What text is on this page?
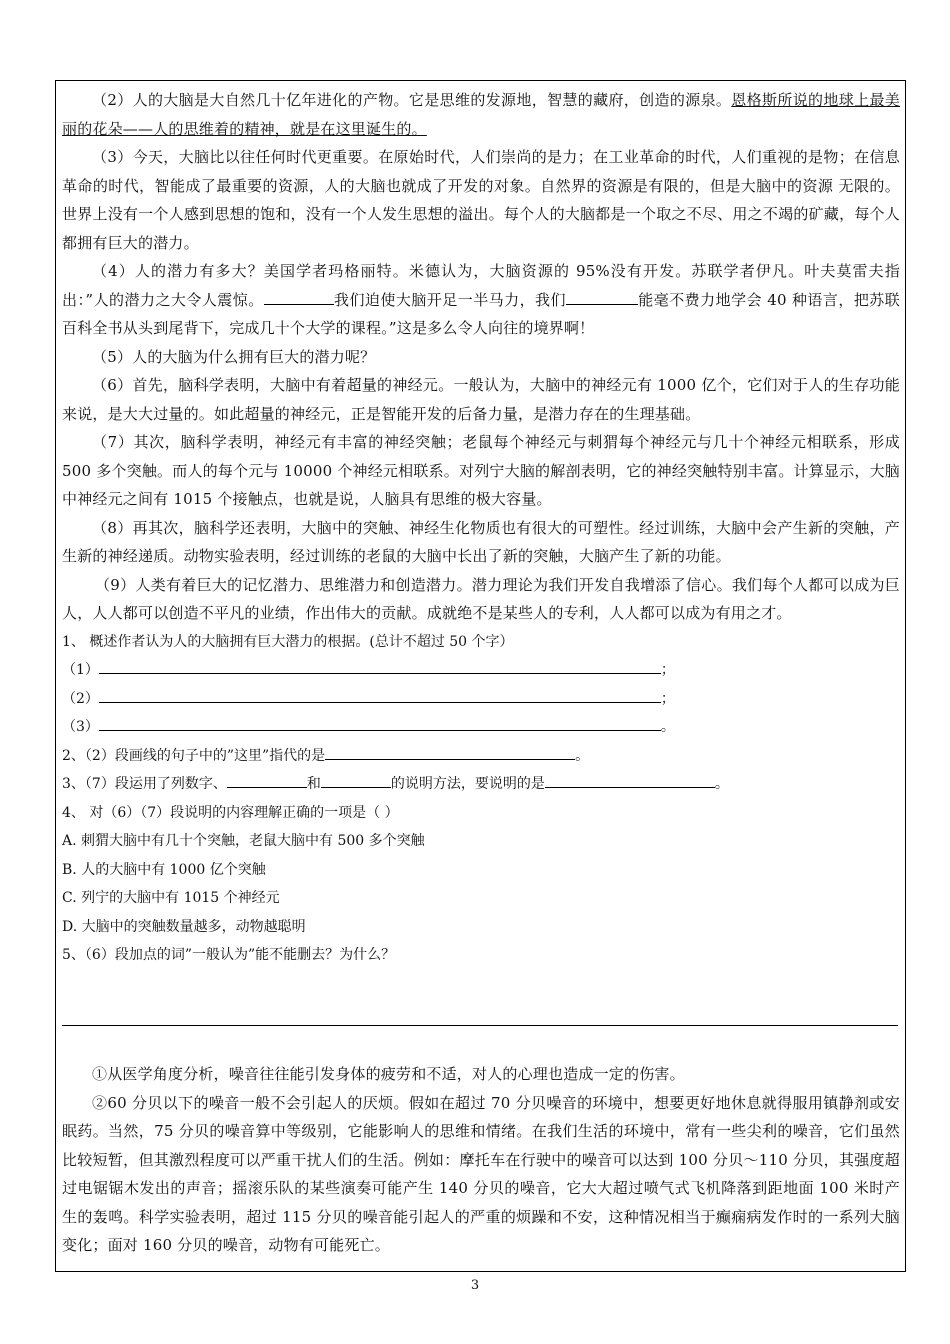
（2）人的大脑是大自然几十亿年进化的产物。它是思维的发源地，智慧的藏府，创造的源泉。恩格斯所说的地球上最美丽的花朵——人的思维着的精神，就是在这里诞生的。

（3）今天，大脑比以往任何时代更重要。在原始时代，人们崇尚的是力；在工业革命的时代，人们重视的是物；在信息革命的时代，智能成了最重要的资源，人的大脑也就成了开发的对象。自然界的资源是有限的，但是大脑中的资源 无限的。世界上没有一个人感到思想的饱和，没有一个人发生思想的溢出。每个人的大脑都是一个取之不尽、用之不竭的矿藏，每个人都拥有巨大的潜力。

（4）人的潜力有多大？美国学者玛格丽特。米德认为，大脑资源的 95%没有开发。苏联学者伊凡。叶夫莫雷夫指出：”人的潜力之大令人震惊。	我们迫使大脑开足一半马力，我们	能毫不费力地学会 40 种语言，把苏联百科全书从头到尾背下，完成几十个大学的课程。”这是多么令人向往的境界啊！

（5）人的大脑为什么拥有巨大的潜力呢？

（6）首先，脑科学表明，大脑中有着超量的神经元。一般认为，大脑中的神经元有 1000 亿个，它们对于人的生存功能来说，是大大过量的。如此超量的神经元，正是智能开发的后备力量，是潜力存在的生理基础。

（7）其次，脑科学表明，神经元有丰富的神经突触；老鼠每个神经元与刺猬每个神经元与几十个神经元相联系，形成 500 多个突触。而人的每个元与 10000 个神经元相联系。对列宁大脑的解剖表明，它的神经突触特别丰富。计算显示，大脑中神经元之间有 1015 个接触点，也就是说，人脑具有思维的极大容量。

（8）再其次，脑科学还表明，大脑中的突触、神经生化物质也有很大的可塑性。经过训练，大脑中会产生新的突触，产生新的神经递质。动物实验表明，经过训练的老鼠的大脑中长出了新的突触，大脑产生了新的功能。

（9）人类有着巨大的记忆潜力、思维潜力和创造潜力。潜力理论为我们开发自我增添了信心。我们每个人都可以成为巨人，人人都可以创造不平凡的业绩，作出伟大的贡献。成就绝不是某些人的专利，人人都可以成为有用之才。

1、 概述作者认为人的大脑拥有巨大潜力的根据。(总计不超过 50 个字）

（1）	；

（2）	；

（3）	。

2、（2）段画线的句子中的”这里”指代的是	。

3、（7）段运用了列数字、	和	的说明方法，要说明的是	。

4、 对（6）（7）段说明的内容理解正确的一项是（ ）

A. 刺猬大脑中有几十个突触，老鼠大脑中有 500 多个突触

B. 人的大脑中有 1000 亿个突触

C. 列宁的大脑中有 1015 个神经元

D. 大脑中的突触数量越多，动物越聪明

5、（6）段加点的词”一般认为”能不能删去？为什么？

①从医学角度分析，噪音往往能引发身体的疲劳和不适，对人的心理也造成一定的伤害。

②60 分贝以下的噪音一般不会引起人的厌烦。假如在超过 70 分贝噪音的环境中，想要更好地休息就得服用镇静剂或安眠药。当然，75 分贝的噪音算中等级别，它能影响人的思维和情绪。在我们生活的环境中，常有一些尖利的噪音，它们虽然比较短暂，但其激烈程度可以严重干扰人们的生活。例如：摩托车在行驶中的噪音可以达到 100 分贝～110 分贝，其强度超过电锯锯木发出的声音；摇滚乐队的某些演奏可能产生 140 分贝的噪音，它大大超过喷气式飞机降落到距地面 100 米时产生的轰鸣。科学实验表明，超过 115 分贝的噪音能引起人的严重的烦躁和不安，这种情况相当于癫痫病发作时的一系列大脑变化；面对 160 分贝的噪音，动物有可能死亡。

3
